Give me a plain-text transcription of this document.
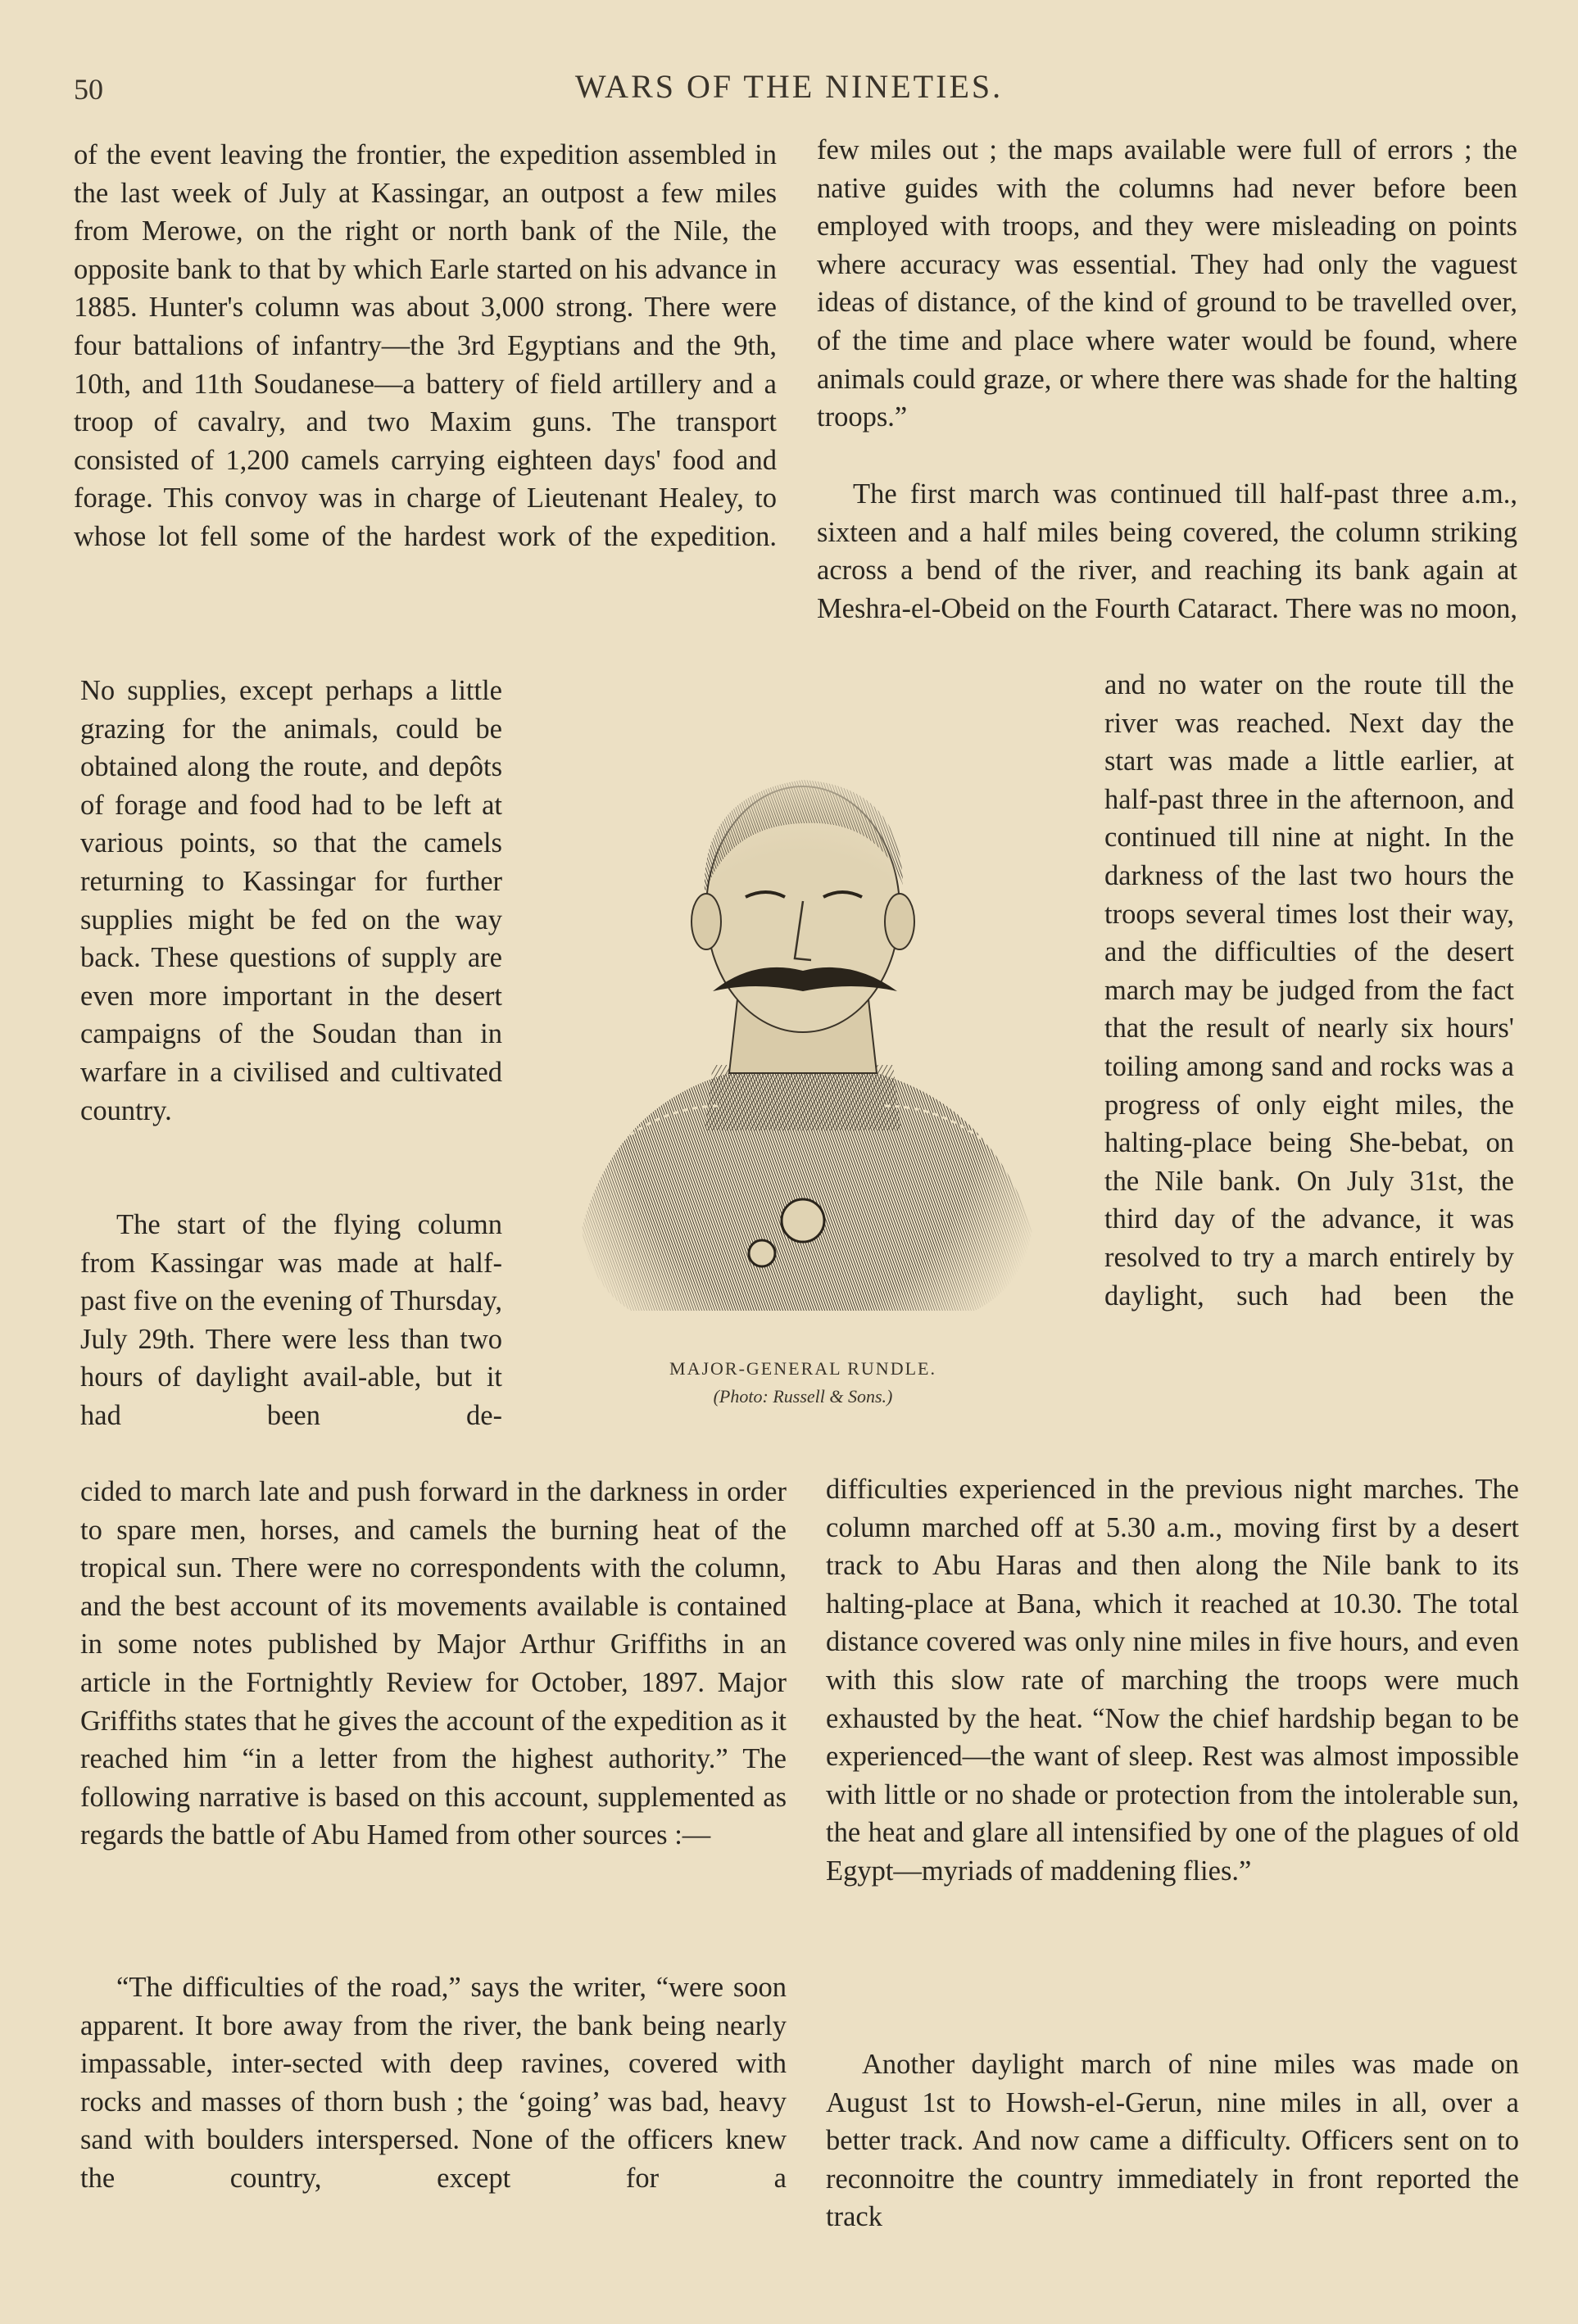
50	WARS OF THE NINETIES.
of the event leaving the frontier, the expedition assembled in the last week of July at Kassingar, an outpost a few miles from Merowe, on the right or north bank of the Nile, the opposite bank to that by which Earle started on his advance in 1885. Hunter's column was about 3,000 strong. There were four battalions of infantry—the 3rd Egyptians and the 9th, 10th, and 11th Soudanese—a battery of field artillery and a troop of cavalry, and two Maxim guns. The transport consisted of 1,200 camels carrying eighteen days' food and forage. This convoy was in charge of Lieutenant Healey, to whose lot fell some of the hardest work of the expedition.
No supplies, except perhaps a little grazing for the animals, could be obtained along the route, and depôts of forage and food had to be left at various points, so that the camels returning to Kassingar for further supplies might be fed on the way back. These questions of supply are even more important in the desert campaigns of the Soudan than in warfare in a civilised and cultivated country.
The start of the flying column from Kassingar was made at half-past five on the evening of Thursday, July 29th. There were less than two hours of daylight avail-able, but it had been de-
cided to march late and push forward in the darkness in order to spare men, horses, and camels the burning heat of the tropical sun. There were no correspondents with the column, and the best account of its movements available is contained in some notes published by Major Arthur Griffiths in an article in the Fortnightly Review for October, 1897. Major Griffiths states that he gives the account of the expedition as it reached him “in a letter from the highest authority.” The following narrative is based on this account, supplemented as regards the battle of Abu Hamed from other sources :—
“The difficulties of the road,” says the writer, “were soon apparent. It bore away from the river, the bank being nearly impassable, inter-sected with deep ravines, covered with rocks and masses of thorn bush ; the ‘going’ was bad, heavy sand with boulders interspersed. None of the officers knew the country, except for a
few miles out ; the maps available were full of errors ; the native guides with the columns had never before been employed with troops, and they were misleading on points where accuracy was essential. They had only the vaguest ideas of distance, of the kind of ground to be travelled over, of the time and place where water would be found, where animals could graze, or where there was shade for the halting troops.”
The first march was continued till half-past three a.m., sixteen and a half miles being covered, the column striking across a bend of the river, and reaching its bank again at Meshra-el-Obeid on the Fourth Cataract. There was no moon,
and no water on the route till the river was reached. Next day the start was made a little earlier, at half-past three in the afternoon, and continued till nine at night. In the darkness of the last two hours the troops several times lost their way, and the difficulties of the desert march may be judged from the fact that the result of nearly six hours' toiling among sand and rocks was a progress of only eight miles, the halting-place being She-bebat, on the Nile bank. On July 31st, the third day of the advance, it was resolved to try a march entirely by daylight, such had been the
difficulties experienced in the previous night marches. The column marched off at 5.30 a.m., moving first by a desert track to Abu Haras and then along the Nile bank to its halting-place at Bana, which it reached at 10.30. The total distance covered was only nine miles in five hours, and even with this slow rate of marching the troops were much exhausted by the heat. “Now the chief hardship began to be experienced—the want of sleep. Rest was almost impossible with little or no shade or protection from the intolerable sun, the heat and glare all intensified by one of the plagues of old Egypt—myriads of maddening flies.”
Another daylight march of nine miles was made on August 1st to Howsh-el-Gerun, nine miles in all, over a better track. And now came a difficulty. Officers sent on to reconnoitre the country immediately in front reported the track
MAJOR-GENERAL RUNDLE.
(Photo: Russell & Sons.)
